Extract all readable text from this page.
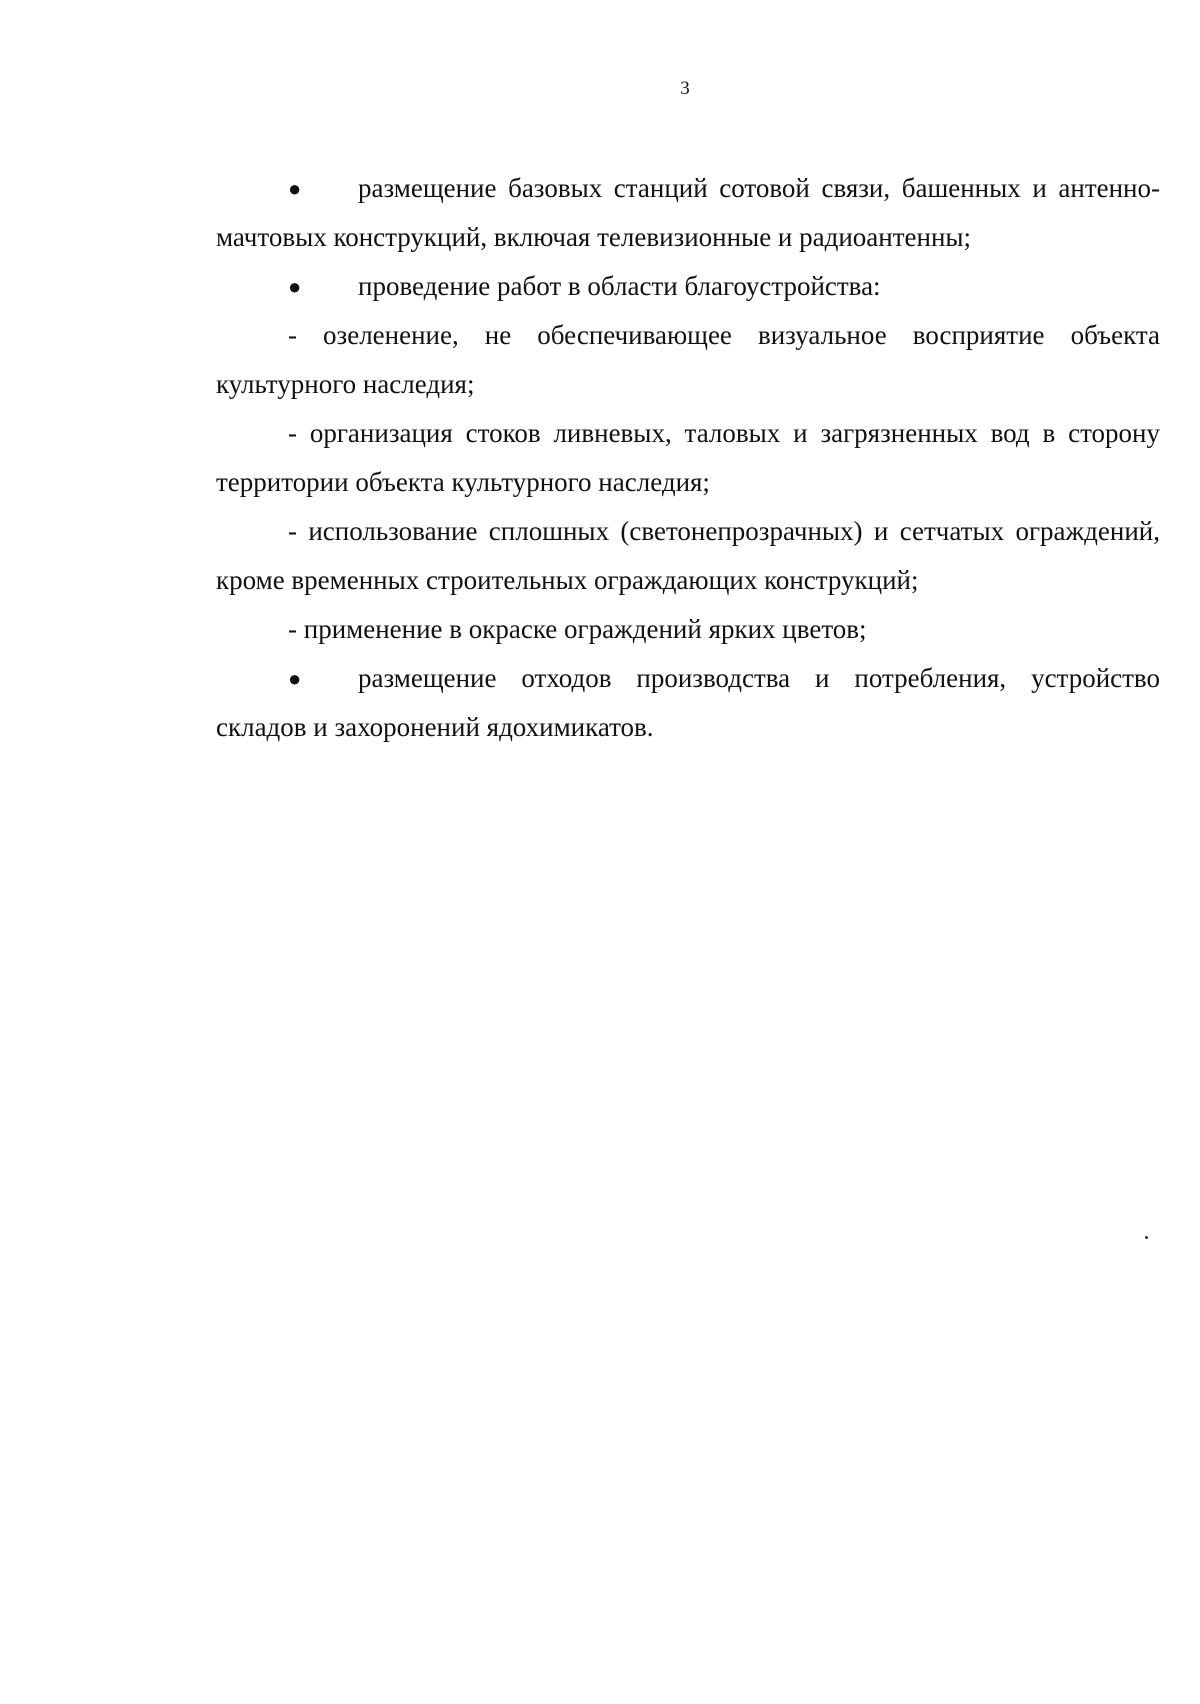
3

● размещение базовых станций сотовой связи, башенных и антенно-мачтовых конструкций, включая телевизионные и радиоантенны;

● проведение работ в области благоустройства:

- озеленение, не обеспечивающее визуальное восприятие объекта культурного наследия;

- организация стоков ливневых, таловых и загрязненных вод в сторону территории объекта культурного наследия;

- использование сплошных (светонепрозрачных) и сетчатых ограждений, кроме временных строительных ограждающих конструкций;

- применение в окраске ограждений ярких цветов;

● размещение отходов производства и потребления, устройство складов и захоронений ядохимикатов.
